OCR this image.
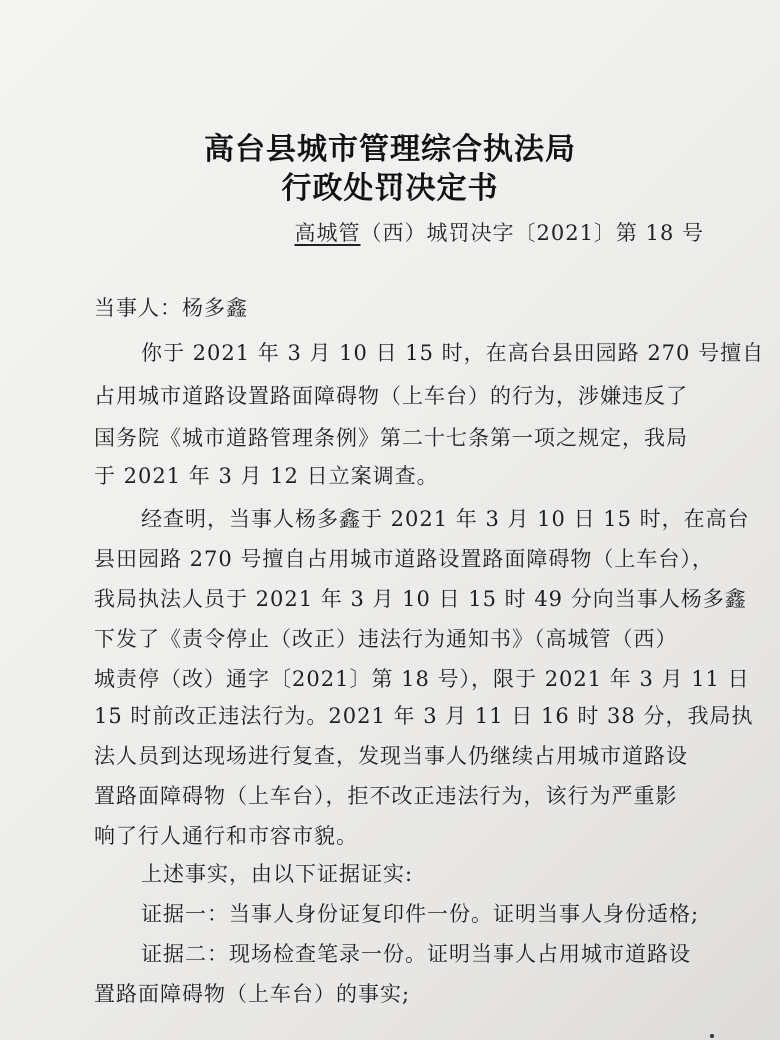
高台县城市管理综合执法局
行政处罚决定书
高城管（西）城罚决字〔2021〕第 18 号
当事人：杨多鑫
你于 2021 年 3 月 10 日 15 时，在高台县田园路 270 号擅自
占用城市道路设置路面障碍物（上车台）的行为，涉嫌违反了
国务院《城市道路管理条例》第二十七条第一项之规定，我局
于 2021 年 3 月 12 日立案调查。
经查明，当事人杨多鑫于 2021 年 3 月 10 日 15 时，在高台
县田园路 270 号擅自占用城市道路设置路面障碍物（上车台），
我局执法人员于 2021 年 3 月 10 日 15 时 49 分向当事人杨多鑫
下发了《责令停止（改正）违法行为通知书》（高城管（西）
城责停（改）通字〔2021〕第 18 号），限于 2021 年 3 月 11 日
15 时前改正违法行为。2021 年 3 月 11 日 16 时 38 分，我局执
法人员到达现场进行复查，发现当事人仍继续占用城市道路设
置路面障碍物（上车台），拒不改正违法行为，该行为严重影
响了行人通行和市容市貌。
上述事实，由以下证据证实:
证据一：当事人身份证复印件一份。证明当事人身份适格;
证据二：现场检查笔录一份。证明当事人占用城市道路设
置路面障碍物（上车台）的事实;
